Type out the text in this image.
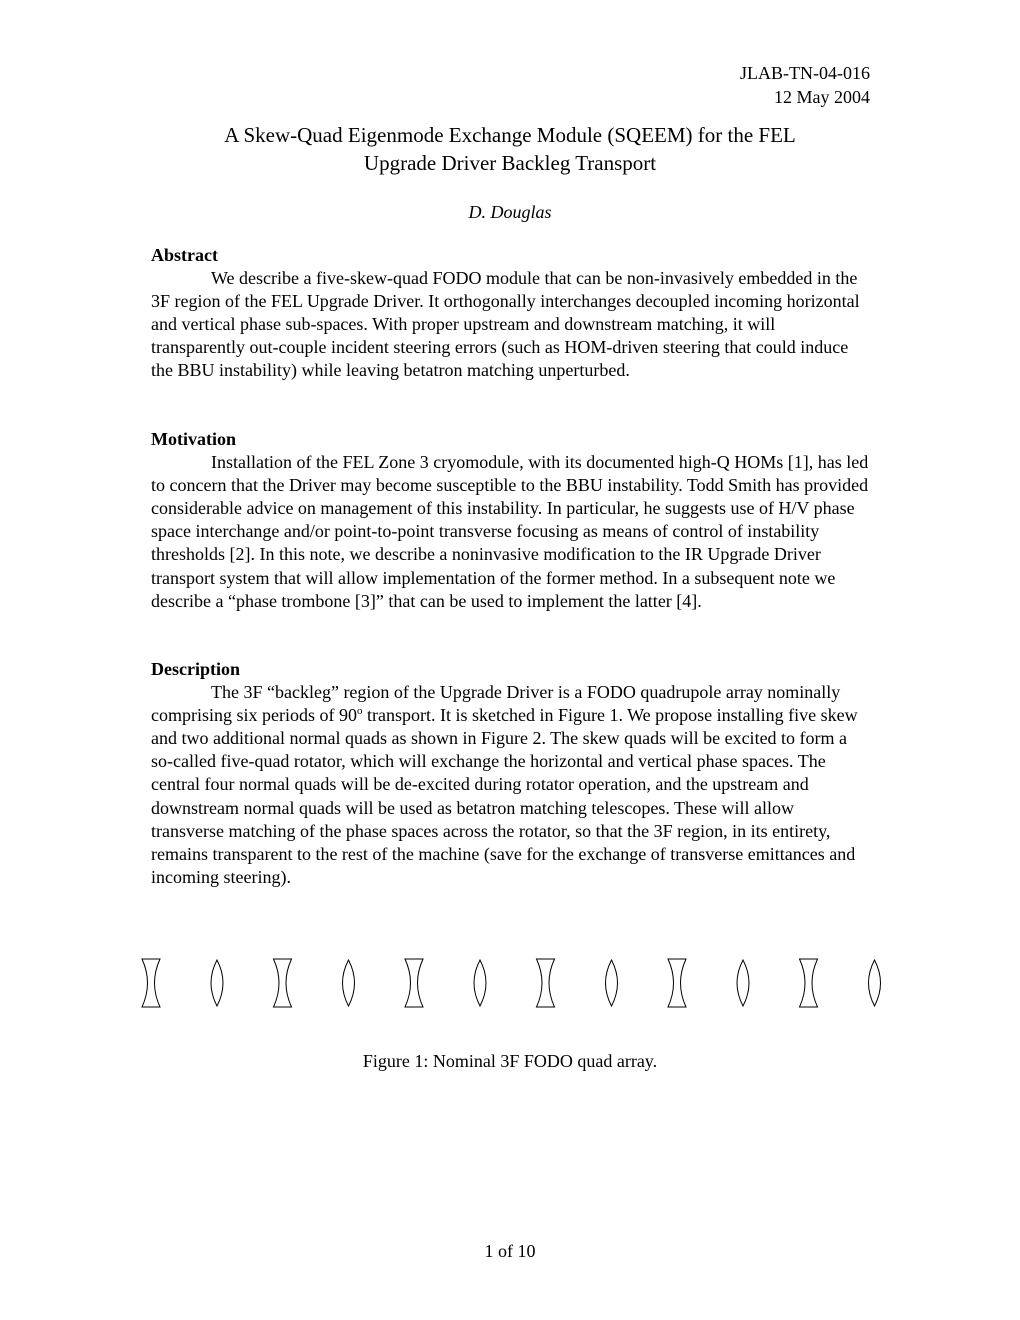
JLAB-TN-04-016
12 May 2004
A Skew-Quad Eigenmode Exchange Module (SQEEM) for the FEL
Upgrade Driver Backleg Transport
D. Douglas
Abstract

We describe a five-skew-quad FODO module that can be non-invasively embedded in the 3F region of the FEL Upgrade Driver. It orthogonally interchanges decoupled incoming horizontal and vertical phase sub-spaces. With proper upstream and downstream matching, it will transparently out-couple incident steering errors (such as HOM-driven steering that could induce the BBU instability) while leaving betatron matching unperturbed.

Motivation

Installation of the FEL Zone 3 cryomodule, with its documented high-Q HOMs [1], has led to concern that the Driver may become susceptible to the BBU instability. Todd Smith has provided considerable advice on management of this instability. In particular, he suggests use of H/V phase space interchange and/or point-to-point transverse focusing as means of control of instability thresholds [2]. In this note, we describe a noninvasive modification to the IR Upgrade Driver transport system that will allow implementation of the former method. In a subsequent note we describe a “phase trombone [3]” that can be used to implement the latter [4].

Description

The 3F “backleg” region of the Upgrade Driver is a FODO quadrupole array nominally comprising six periods of 90$^o$ transport. It is sketched in Figure 1. We propose installing five skew and two additional normal quads as shown in Figure 2. The skew quads will be excited to form a so-called five-quad rotator, which will exchange the horizontal and vertical phase spaces. The central four normal quads will be de-excited during rotator operation, and the upstream and downstream normal quads will be used as betatron matching telescopes. These will allow transverse matching of the phase spaces across the rotator, so that the 3F region, in its entirety, remains transparent to the rest of the machine (save for the exchange of transverse emittances and incoming steering).

Figure 1: Nominal 3F FODO quad array.
1 of 10
